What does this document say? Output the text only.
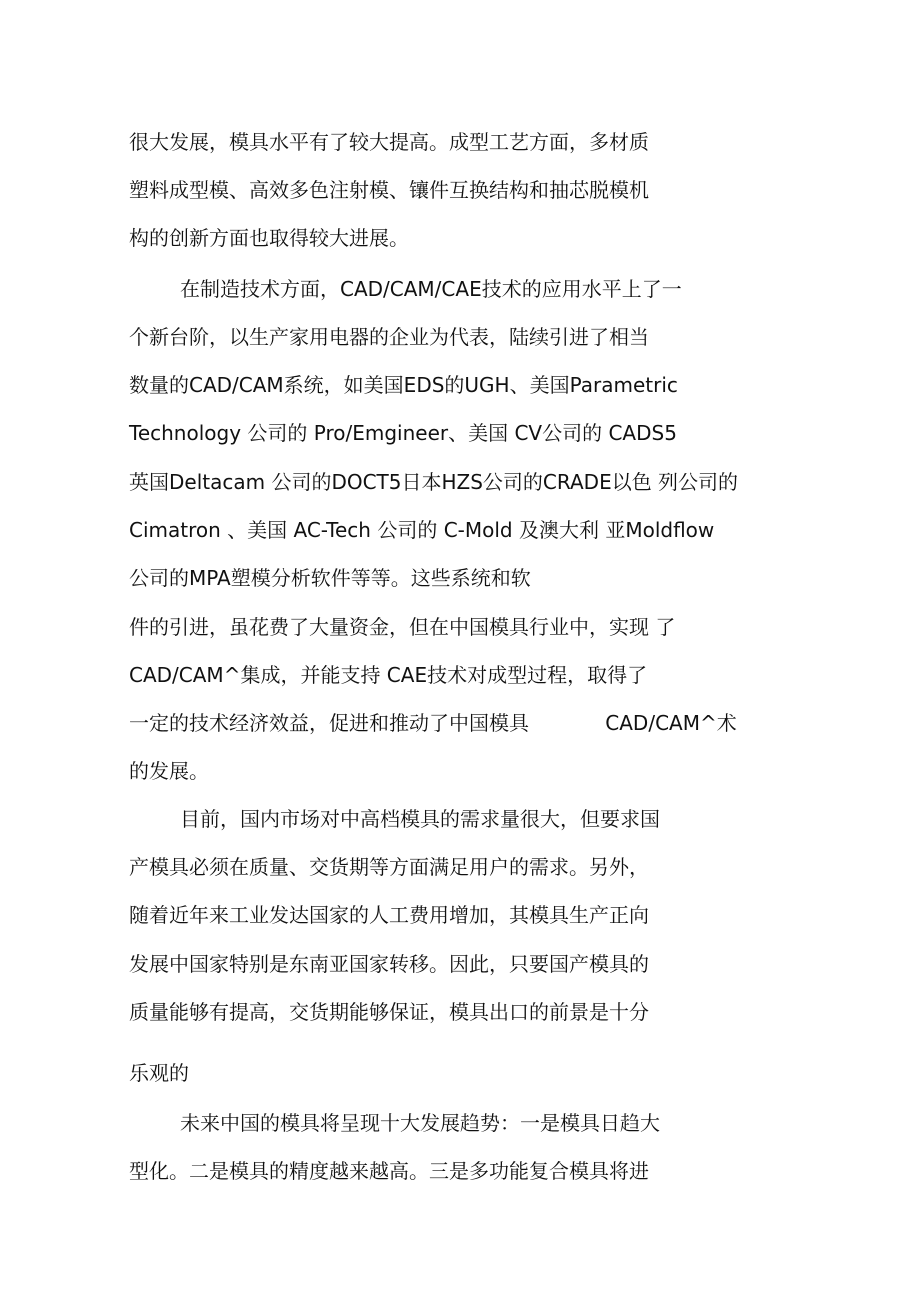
很大发展，模具水平有了较大提高。成型工艺方面，多材质
塑料成型模、高效多色注射模、镶件互换结构和抽芯脱模机
构的创新方面也取得较大进展。
在制造技术方面，CAD/CAM/CAE技术的应用水平上了一
个新台阶，以生产家用电器的企业为代表，陆续引进了相当
数量的CAD/CAM系统，如美国EDS的UGH、美国Parametric
Technology 公司的 Pro/Emgineer、美国 CV公司的 CADS5
英国Deltacam 公司的DOCT5日本HZS公司的CRADE以色 列公司的
Cimatron 、美国 AC-Tech 公司的 C-Mold 及澳大利 亚Moldflow
公司的MPA塑模分析软件等等。这些系统和软
件的引进，虽花费了大量资金，但在中国模具行业中，实现 了
CAD/CAM^集成，并能支持 CAE技术对成型过程，取得了
一定的技术经济效益，促进和推动了中国模具            CAD/CAM^术
的发展。
目前，国内市场对中高档模具的需求量很大，但要求国
产模具必须在质量、交货期等方面满足用户的需求。另外，
随着近年来工业发达国家的人工费用增加，其模具生产正向
发展中国家特别是东南亚国家转移。因此，只要国产模具的
质量能够有提高，交货期能够保证，模具出口的前景是十分
乐观的
未来中国的模具将呈现十大发展趋势：一是模具日趋大
型化。二是模具的精度越来越高。三是多功能复合模具将进
